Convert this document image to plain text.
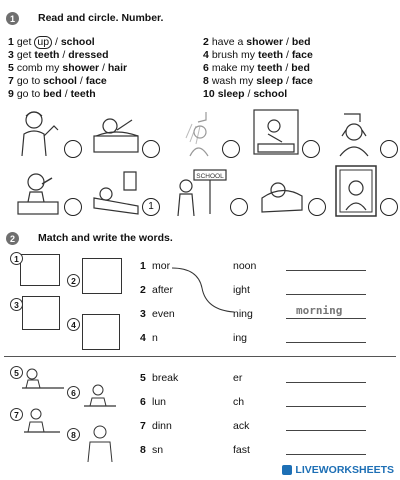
1	Read and circle. Number.
1 get up / school	2 have a shower / bed
3 get teeth / dressed	4 brush my teeth / face
5 comb my shower / hair	6 make my teeth / bed
7 go to school / face	8 wash my sleep / face
9 go to bed / teeth	10 sleep / school
1
SCHOOL
2	Match and write the words.
1
2
3
4
1 mor	noon
2 after	ight
3 even	ning	morning
4 n	ing
5
6
7
8
5 break	er
6 lun	ch
7 dinn	ack
8 sn	fast
LIVEWORKSHEETS
